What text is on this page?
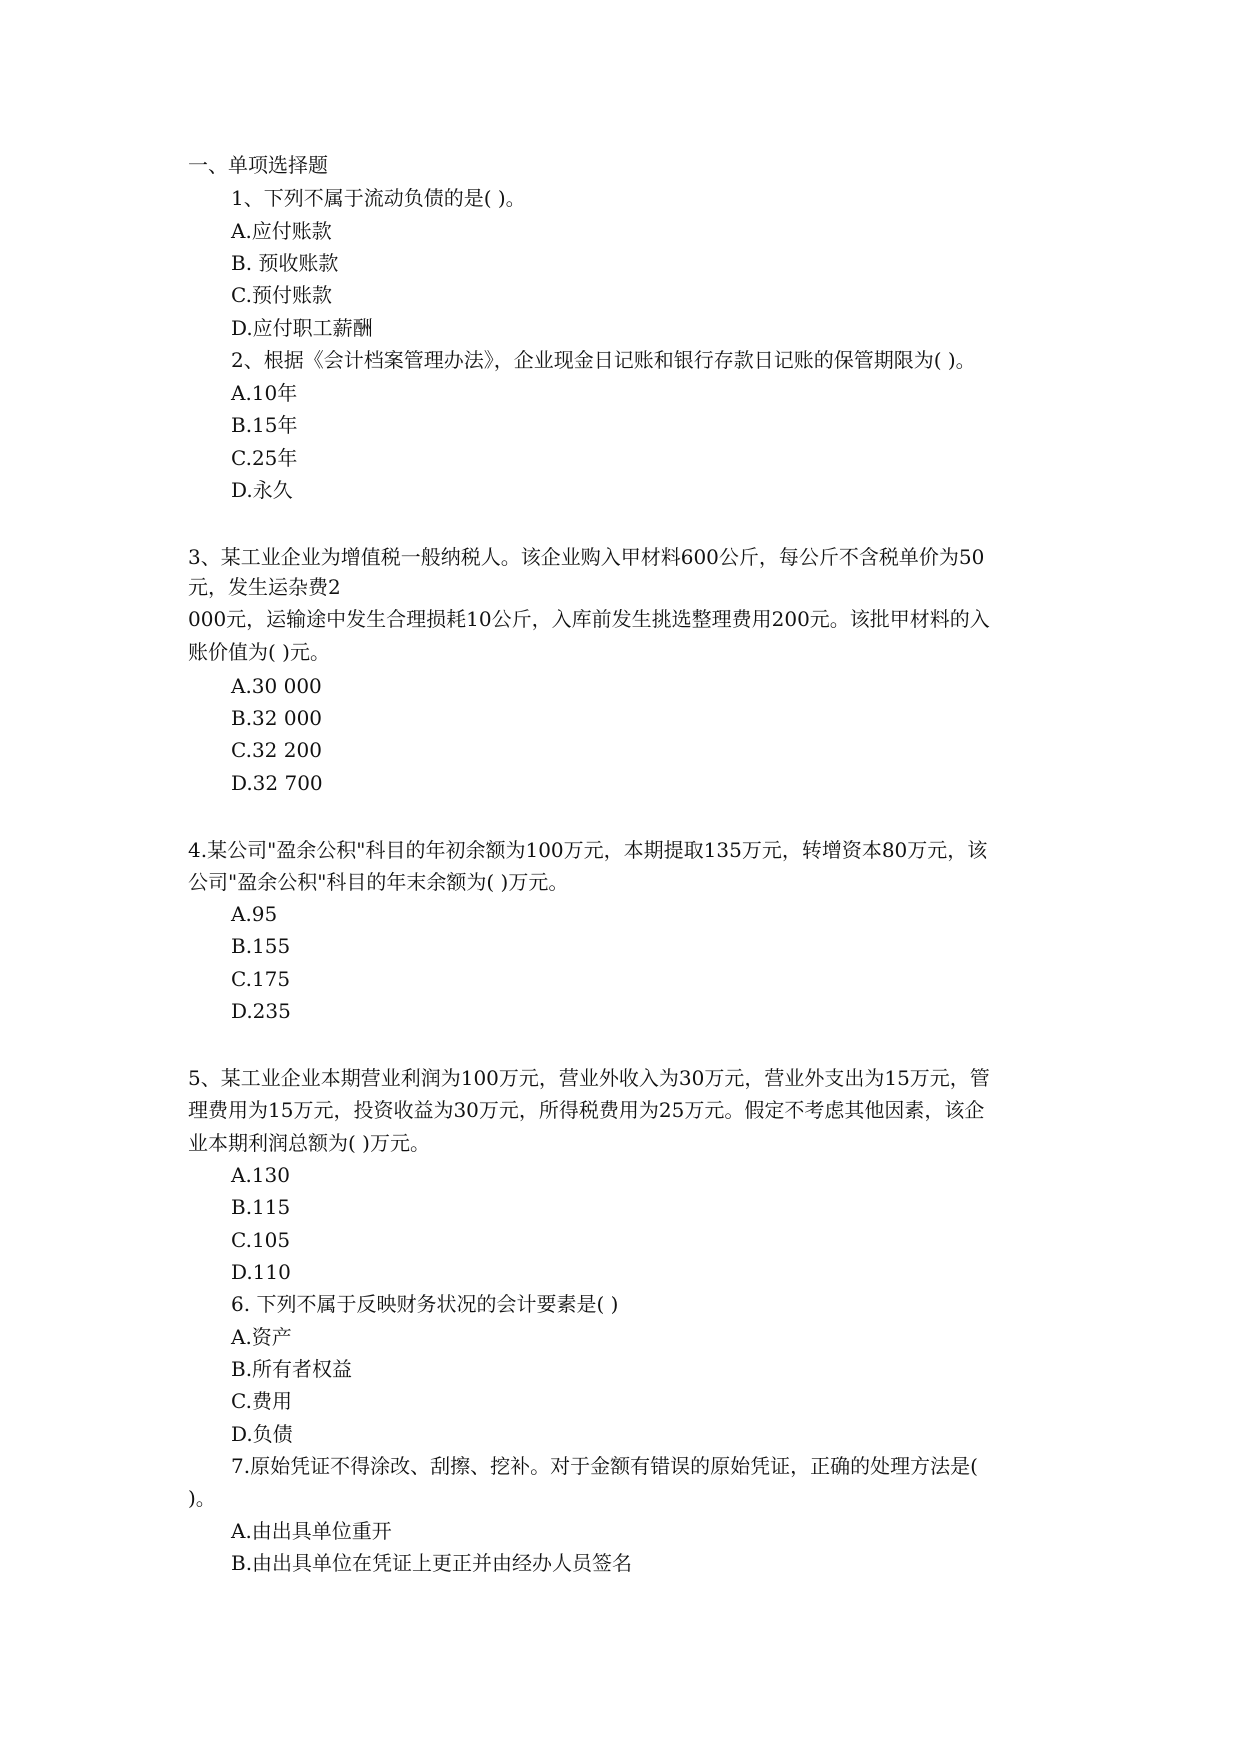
一、单项选择题
1、下列不属于流动负债的是( )。
A.应付账款
B. 预收账款
C.预付账款
D.应付职工薪酬
2、根据《会计档案管理办法》，企业现金日记账和银行存款日记账的保管期限为( )。
A.10年
B.15年
C.25年
D.永久
3、某工业企业为增值税一般纳税人。该企业购入甲材料600公斤，每公斤不含税单价为50
元，发生运杂费2
000元，运输途中发生合理损耗10公斤，入库前发生挑选整理费用200元。该批甲材料的入
账价值为( )元。
A.30 000
B.32 000
C.32 200
D.32 700
4.某公司"盈余公积"科目的年初余额为100万元，本期提取135万元，转增资本80万元，该
公司"盈余公积"科目的年末余额为( )万元。
A.95
B.155
C.175
D.235
5、某工业企业本期营业利润为100万元，营业外收入为30万元，营业外支出为15万元，管
理费用为15万元，投资收益为30万元，所得税费用为25万元。假定不考虑其他因素，该企
业本期利润总额为( )万元。
A.130
B.115
C.105
D.110
6. 下列不属于反映财务状况的会计要素是( )
A.资产
B.所有者权益
C.费用
D.负债
7.原始凭证不得涂改、刮擦、挖补。对于金额有错误的原始凭证，正确的处理方法是(
)。
A.由出具单位重开
B.由出具单位在凭证上更正并由经办人员签名
